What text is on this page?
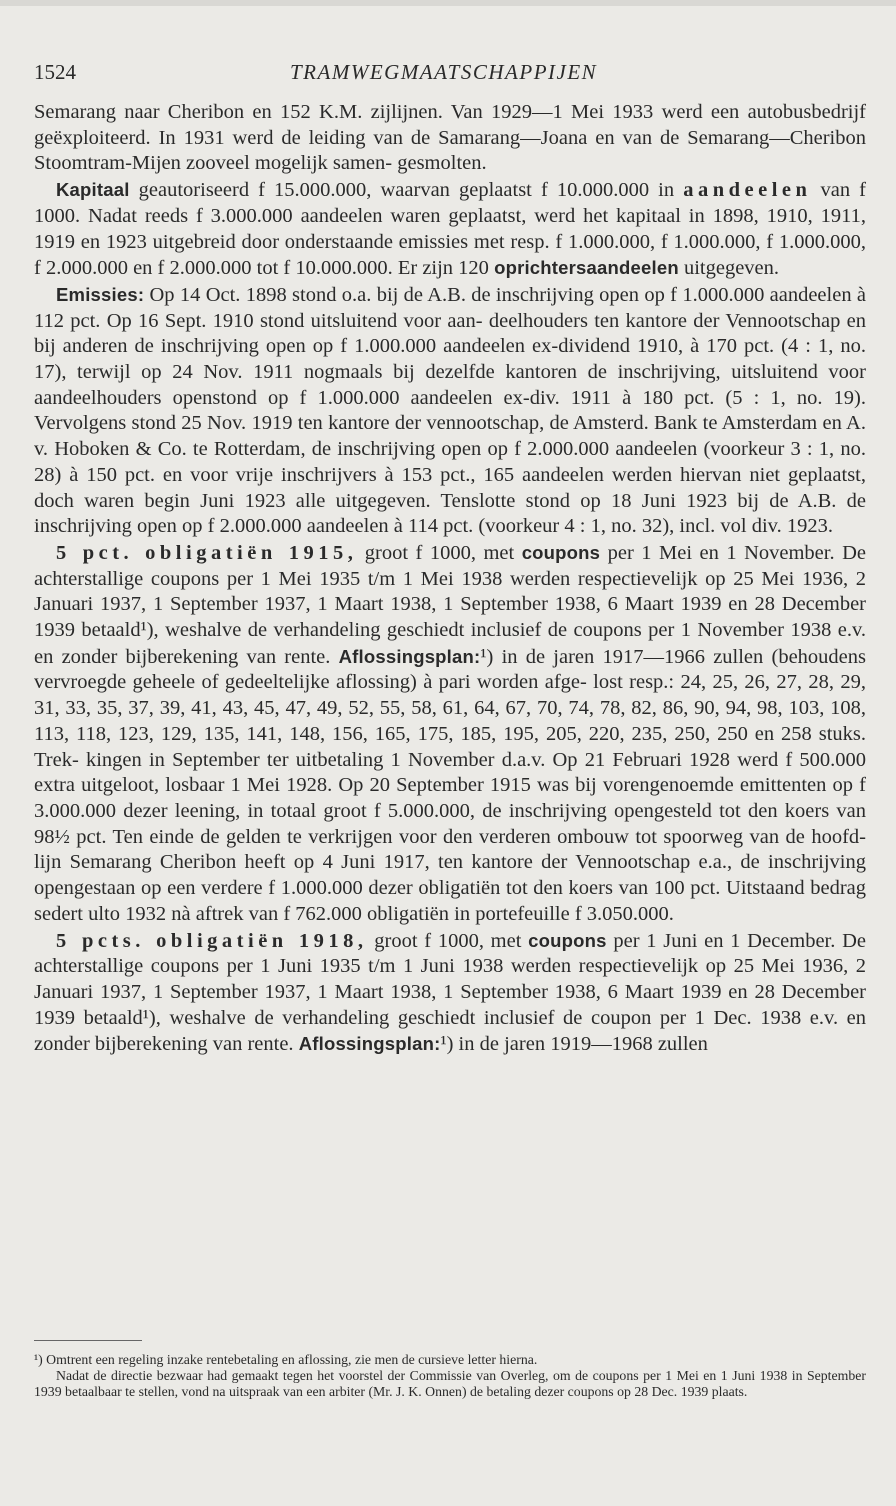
1524	TRAMWEGMAATSCHAPPIJEN

Semarang naar Cheribon en 152 K.M. zijlijnen. Van 1929—1 Mei 1933 werd een autobusbedrijf geëxploiteerd. In 1931 werd de leiding van de Samarang—Joana en van de Semarang—Cheribon Stoomtram-Mijen zooveel mogelijk samen- gesmolten.

Kapitaal geautoriseerd f 15.000.000, waarvan geplaatst f 10.000.000 in aandeelen van f 1000. Nadat reeds f 3.000.000 aandeelen waren geplaatst, werd het kapitaal in 1898, 1910, 1911, 1919 en 1923 uitgebreid door onderstaande emissies met resp. f 1.000.000, f 1.000.000, f 1.000.000, f 2.000.000 en f 2.000.000 tot f 10.000.000. Er zijn 120 oprichtersaandeelen uitgegeven.

Emissies: Op 14 Oct. 1898 stond o.a. bij de A.B. de inschrijving open op f 1.000.000 aandeelen à 112 pct. Op 16 Sept. 1910 stond uitsluitend voor aan- deelhouders ten kantore der Vennootschap en bij anderen de inschrijving open op f 1.000.000 aandeelen ex-dividend 1910, à 170 pct. (4 : 1, no. 17), terwijl op 24 Nov. 1911 nogmaals bij dezelfde kantoren de inschrijving, uitsluitend voor aandeelhouders openstond op f 1.000.000 aandeelen ex-div. 1911 à 180 pct. (5 : 1, no. 19). Vervolgens stond 25 Nov. 1919 ten kantore der vennootschap, de Amsterd. Bank te Amsterdam en A. v. Hoboken & Co. te Rotterdam, de inschrijving open op f 2.000.000 aandeelen (voorkeur 3 : 1, no. 28) à 150 pct. en voor vrije inschrijvers à 153 pct., 165 aandeelen werden hiervan niet geplaatst, doch waren begin Juni 1923 alle uitgegeven. Tenslotte stond op 18 Juni 1923 bij de A.B. de inschrijving open op f 2.000.000 aandeelen à 114 pct. (voorkeur 4 : 1, no. 32), incl. vol div. 1923.

5 pct. obligatiën 1915, groot f 1000, met coupons per 1 Mei en 1 November. De achterstallige coupons per 1 Mei 1935 t/m 1 Mei 1938 werden respectievelijk op 25 Mei 1936, 2 Januari 1937, 1 September 1937, 1 Maart 1938, 1 September 1938, 6 Maart 1939 en 28 December 1939 betaald¹), weshalve de verhandeling geschiedt inclusief de coupons per 1 November 1938 e.v. en zonder bijberekening van rente. Aflossingsplan:¹) in de jaren 1917—1966 zullen (behoudens vervroegde geheele of gedeeltelijke aflossing) à pari worden afge- lost resp.: 24, 25, 26, 27, 28, 29, 31, 33, 35, 37, 39, 41, 43, 45, 47, 49, 52, 55, 58, 61, 64, 67, 70, 74, 78, 82, 86, 90, 94, 98, 103, 108, 113, 118, 123, 129, 135, 141, 148, 156, 165, 175, 185, 195, 205, 220, 235, 250, 250 en 258 stuks. Trek- kingen in September ter uitbetaling 1 November d.a.v. Op 21 Februari 1928 werd f 500.000 extra uitgeloot, losbaar 1 Mei 1928. Op 20 September 1915 was bij vorengenoemde emittenten op f 3.000.000 dezer leening, in totaal groot f 5.000.000, de inschrijving opengesteld tot den koers van 98½ pct. Ten einde de gelden te verkrijgen voor den verderen ombouw tot spoorweg van de hoofd- lijn Semarang Cheribon heeft op 4 Juni 1917, ten kantore der Vennootschap e.a., de inschrijving opengestaan op een verdere f 1.000.000 dezer obligatiën tot den koers van 100 pct. Uitstaand bedrag sedert ulto 1932 nà aftrek van f 762.000 obligatiën in portefeuille f 3.050.000.

5 pcts. obligatiën 1918, groot f 1000, met coupons per 1 Juni en 1 December. De achterstallige coupons per 1 Juni 1935 t/m 1 Juni 1938 werden respectievelijk op 25 Mei 1936, 2 Januari 1937, 1 September 1937, 1 Maart 1938, 1 September 1938, 6 Maart 1939 en 28 December 1939 betaald¹), weshalve de verhandeling geschiedt inclusief de coupon per 1 Dec. 1938 e.v. en zonder bijberekening van rente. Aflossingsplan:¹) in de jaren 1919—1968 zullen

¹) Omtrent een regeling inzake rentebetaling en aflossing, zie men de cursieve letter hierna.

Nadat de directie bezwaar had gemaakt tegen het voorstel der Commissie van Overleg, om de coupons per 1 Mei en 1 Juni 1938 in September 1939 betaalbaar te stellen, vond na uitspraak van een arbiter (Mr. J. K. Onnen) de betaling dezer coupons op 28 Dec. 1939 plaats.
